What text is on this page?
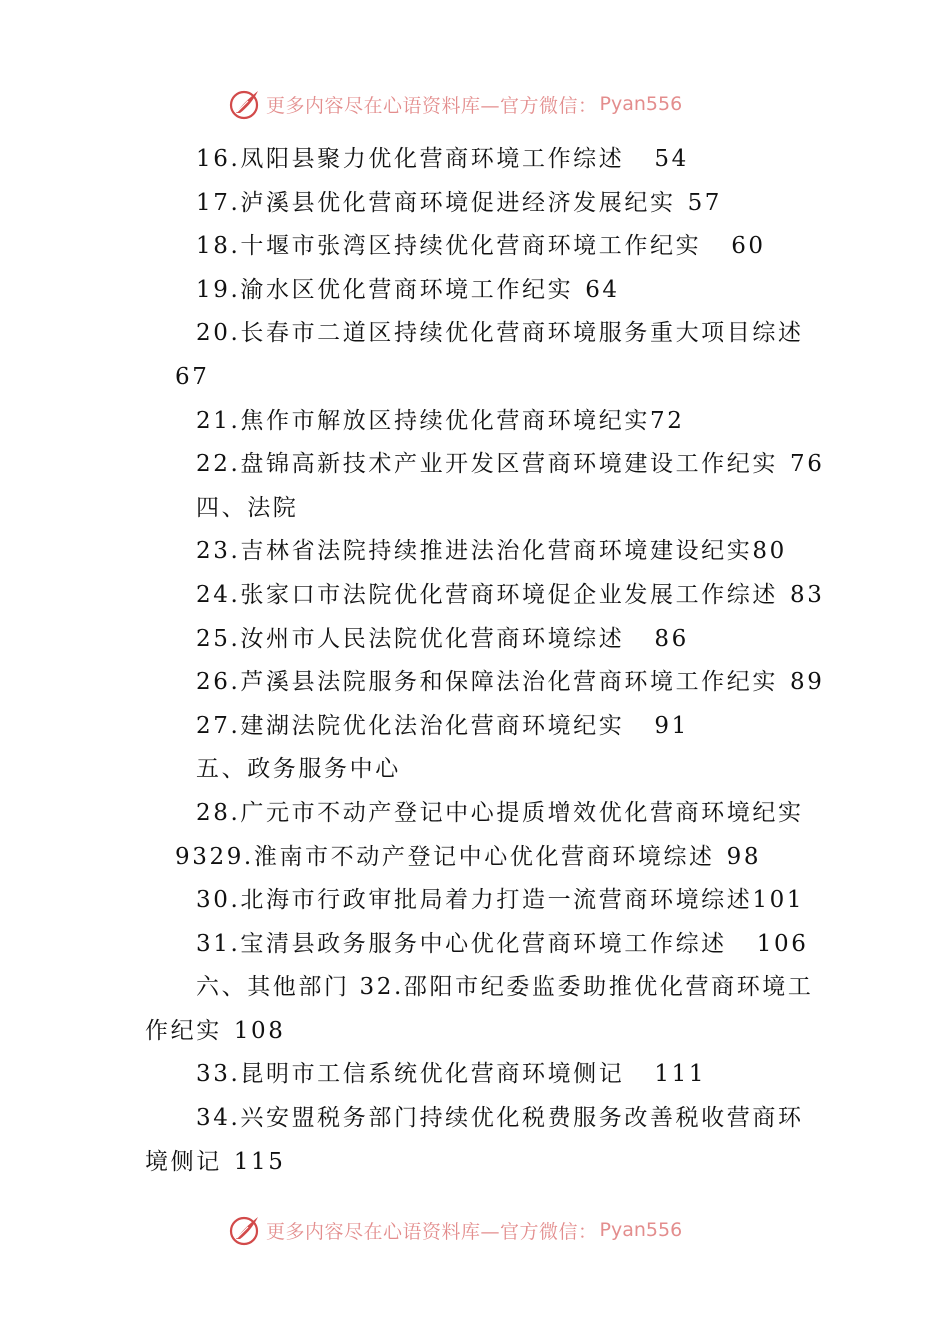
更多内容尽在心语资料库—官方微信： Pyan556
16.凤阳县聚力优化营商环境工作综述 54
17.泸溪县优化营商环境促进经济发展纪实 57
18.十堰市张湾区持续优化营商环境工作纪实 60
19.渝水区优化营商环境工作纪实 64
20.长春市二道区持续优化营商环境服务重大项目综述
67
21.焦作市解放区持续优化营商环境纪实72
22.盘锦高新技术产业开发区营商环境建设工作纪实 76
四、法院
23.吉林省法院持续推进法治化营商环境建设纪实80
24.张家口市法院优化营商环境促企业发展工作综述 83
25.汝州市人民法院优化营商环境综述 86
26.芦溪县法院服务和保障法治化营商环境工作纪实 89
27.建湖法院优化法治化营商环境纪实 91
五、政务服务中心
28.广元市不动产登记中心提质增效优化营商环境纪实
9329.淮南市不动产登记中心优化营商环境综述 98
30.北海市行政审批局着力打造一流营商环境综述101
31.宝清县政务服务中心优化营商环境工作综述 106
六、其他部门 32.邵阳市纪委监委助推优化营商环境工
作纪实 108
33.昆明市工信系统优化营商环境侧记 111
34.兴安盟税务部门持续优化税费服务改善税收营商环
境侧记 115
更多内容尽在心语资料库—官方微信： Pyan556
